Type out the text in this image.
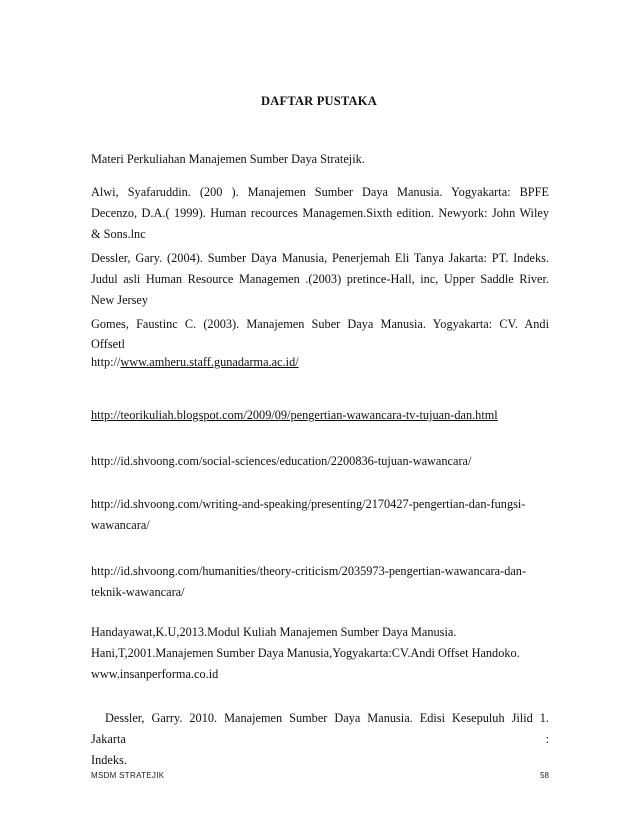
DAFTAR PUSTAKA
Materi Perkuliahan Manajemen Sumber Daya Stratejik.
Alwi, Syafaruddin. (200 ). Manajemen Sumber Daya Manusia. Yogyakarta: BPFE
Decenzo, D.A.( 1999). Human recources Managemen.Sixth edition. Newyork: John Wiley
& Sons.lnc
Dessler, Gary. (2004). Sumber Daya Manusia, Penerjemah Eli Tanya Jakarta: PT. Indeks.
Judul asli Human Resource Managemen .(2003) pretince-Hall, inc, Upper Saddle River.
New Jersey
Gomes, Faustinc C. (2003). Manajemen Suber Daya Manusia. Yogyakarta: CV. Andi
Offsetl
http://www.amheru.staff.gunadarma.ac.id/
http://teorikuliah.blogspot.com/2009/09/pengertian-wawancara-tv-tujuan-dan.html
http://id.shvoong.com/social-sciences/education/2200836-tujuan-wawancara/
http://id.shvoong.com/writing-and-speaking/presenting/2170427-pengertian-dan-fungsi-
wawancara/
http://id.shvoong.com/humanities/theory-criticism/2035973-pengertian-wawancara-dan-
teknik-wawancara/
Handayawat,K.U,2013.Modul Kuliah Manajemen Sumber Daya Manusia.
Hani,T,2001.Manajemen Sumber Daya Manusia,Yogyakarta:CV.Andi Offset Handoko.
www.insanperforma.co.id
Dessler,  Garry.  2010.  Manajemen  Sumber  Daya  Manusia.  Edisi  Kesepuluh  Jilid  1.  Jakarta  :
Indeks.
MSDM STRATEJIK	58
